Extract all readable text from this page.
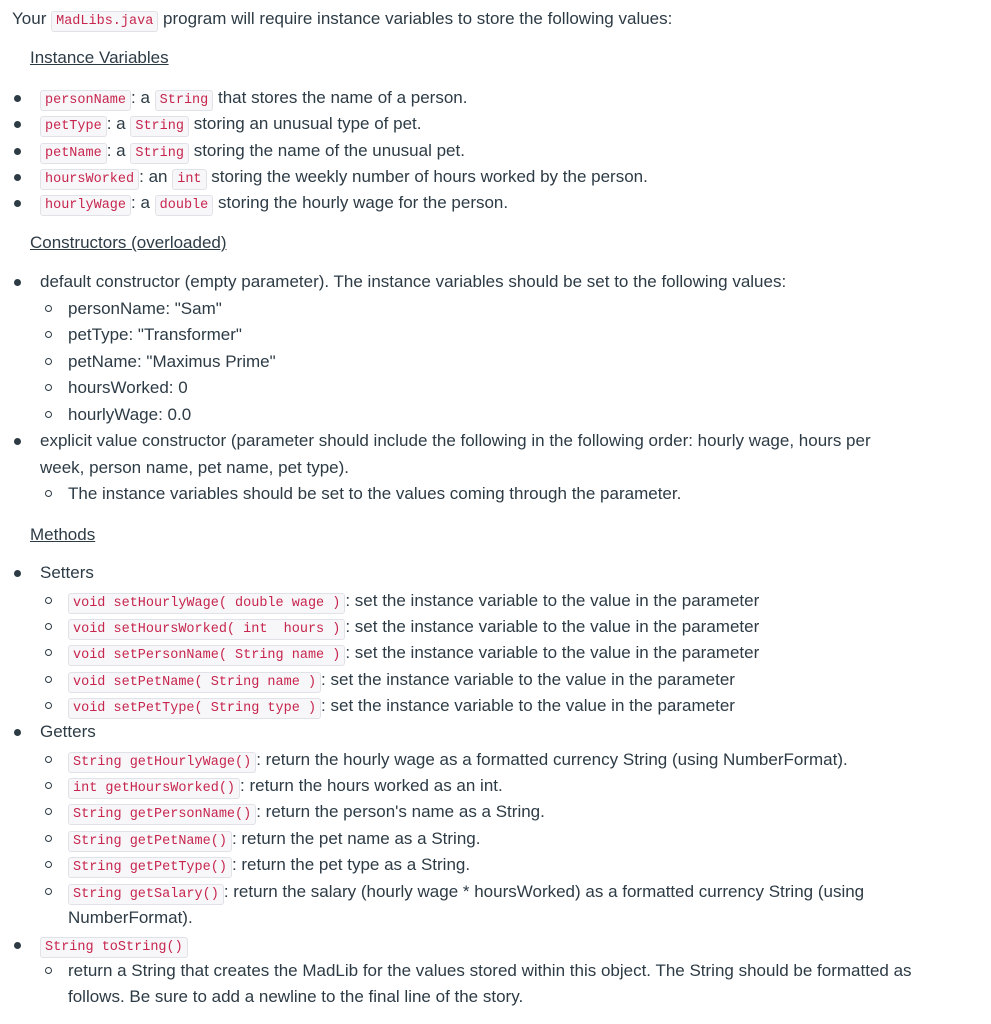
Your MadLibs.java program will require instance variables to store the following values:
Instance Variables
personName : a String that stores the name of a person.
petType : a String storing an unusual type of pet.
petName : a String storing the name of the unusual pet.
hoursWorked : an int storing the weekly number of hours worked by the person.
hourlyWage : a double storing the hourly wage for the person.
Constructors (overloaded)
default constructor (empty parameter). The instance variables should be set to the following values:
personName: "Sam"
petType: "Transformer"
petName: "Maximus Prime"
hoursWorked: 0
hourlyWage: 0.0
explicit value constructor (parameter should include the following in the following order: hourly wage, hours per
week, person name, pet name, pet type).
The instance variables should be set to the values coming through the parameter.
Methods
Setters
void setHourlyWage( double wage ) : set the instance variable to the value in the parameter
void setHoursWorked( int  hours ) : set the instance variable to the value in the parameter
void setPersonName( String name ) : set the instance variable to the value in the parameter
void setPetName( String name ) : set the instance variable to the value in the parameter
void setPetType( String type ) : set the instance variable to the value in the parameter
Getters
String getHourlyWage() : return the hourly wage as a formatted currency String (using NumberFormat).
int getHoursWorked() : return the hours worked as an int.
String getPersonName() : return the person's name as a String.
String getPetName() : return the pet name as a String.
String getPetType() : return the pet type as a String.
String getSalary() : return the salary (hourly wage * hoursWorked) as a formatted currency String (using
NumberFormat).
String toString()
return a String that creates the MadLib for the values stored within this object. The String should be formatted as
follows. Be sure to add a newline to the final line of the story.
